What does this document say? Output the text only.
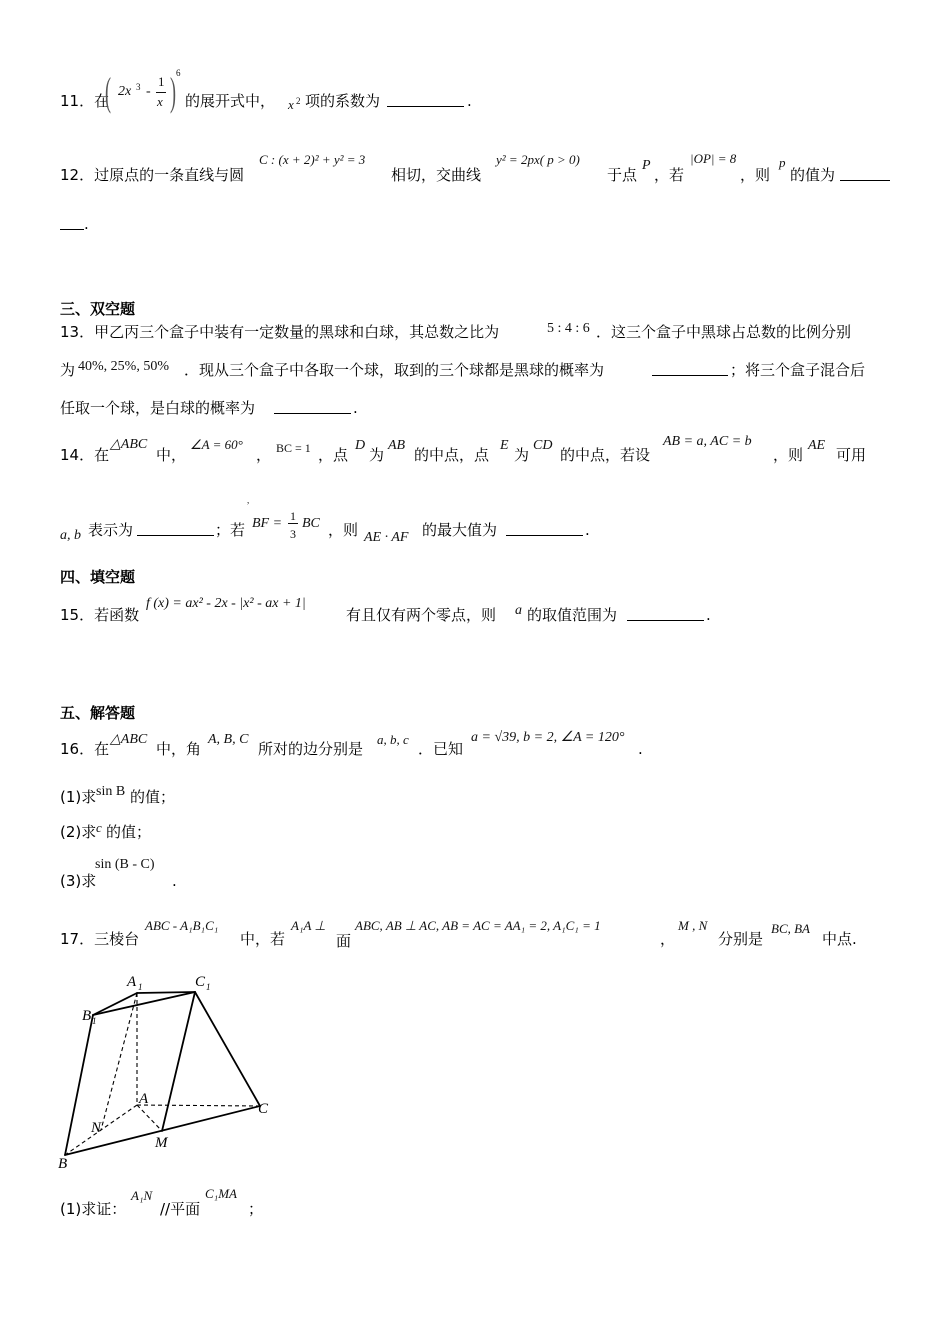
11．在
( 2x 3 -
1
x ) 6
的展开式中， x 2 项的系数为	.
12．过原点的一条直线与圆
C : (x + 2)² + y² = 3
相切，交曲线
y² = 2px( p > 0)
于点
P
，若
|OP| = 8
，则
p
的值为
.
三、双空题
13．甲乙丙三个盒子中装有一定数量的黑球和白球，其总数之比为	5 : 4 : 6 ．这三个盒子中黑球占总数的比例分别
为 40%, 25%, 50% ．现从三个盒子中各取一个球，取到的三个球都是黑球的概率为	；将三个盒子混合后
任取一个球，是白球的概率为	.
14．在
△ABC
中，
∠A = 60°
， BC = 1 ，点
D
为
AB
的中点，点
E
为
CD
的中点，若设
AB = a, AC = b
，则
AE
可用
a, b 表示为	；若
,
BF = 1
3
BC ，则 AE · AF 的最大值为	.
四、填空题
15．若函数
f (x) = ax² - 2x - |x² - ax + 1|
有且仅有两个零点，则 a 的取值范围为	.
五、解答题
16．在
△ABC
中，角
A, B, C
所对的边分别是
a, b, c
．已知
a = √39, b = 2, ∠A = 120°
.
(1)求 sin B 的值；
(2)求 c 的值；
(3)求
sin (B - C)
.
17．三棱台
ABC - A₁B₁C₁
中，若
A₁A ⊥
面
ABC, AB ⊥ AC, AB = AC = AA₁ = 2, A₁C₁ = 1
，
M , N
分别是
BC, BA
中点.
A 1	C 1
B 1
A
C
B
M
N
(1)求证：
A₁N
//平面
C₁MA
；
